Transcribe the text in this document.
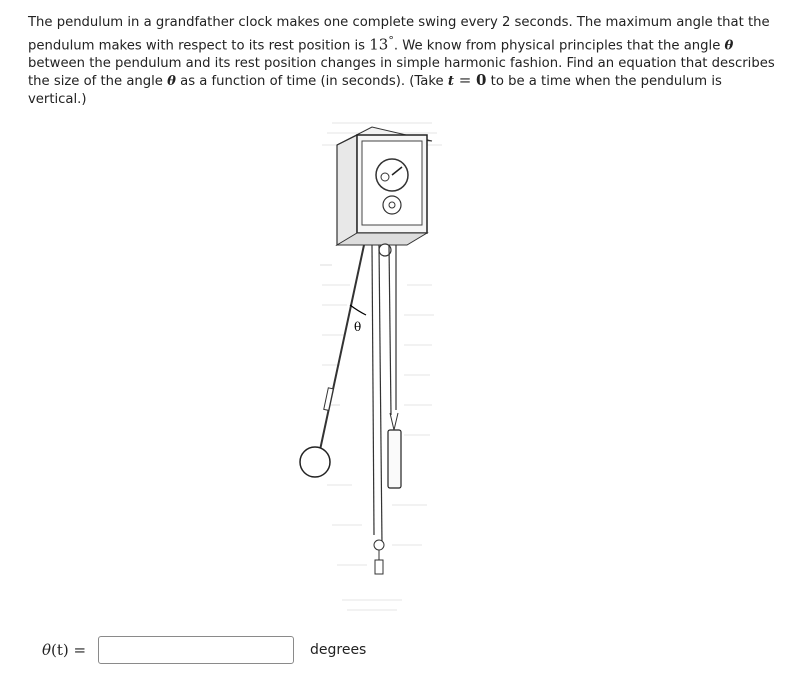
The pendulum in a grandfather clock makes one complete swing every 2 seconds. The maximum angle that the pendulum makes with respect to its rest position is 13°. We know from physical principles that the angle θ between the pendulum and its rest position changes in simple harmonic fashion. Find an equation that describes the size of the angle θ as a function of time (in seconds). (Take t = 0 to be a time when the pendulum is vertical.)
θ
θ(t) =	degrees
